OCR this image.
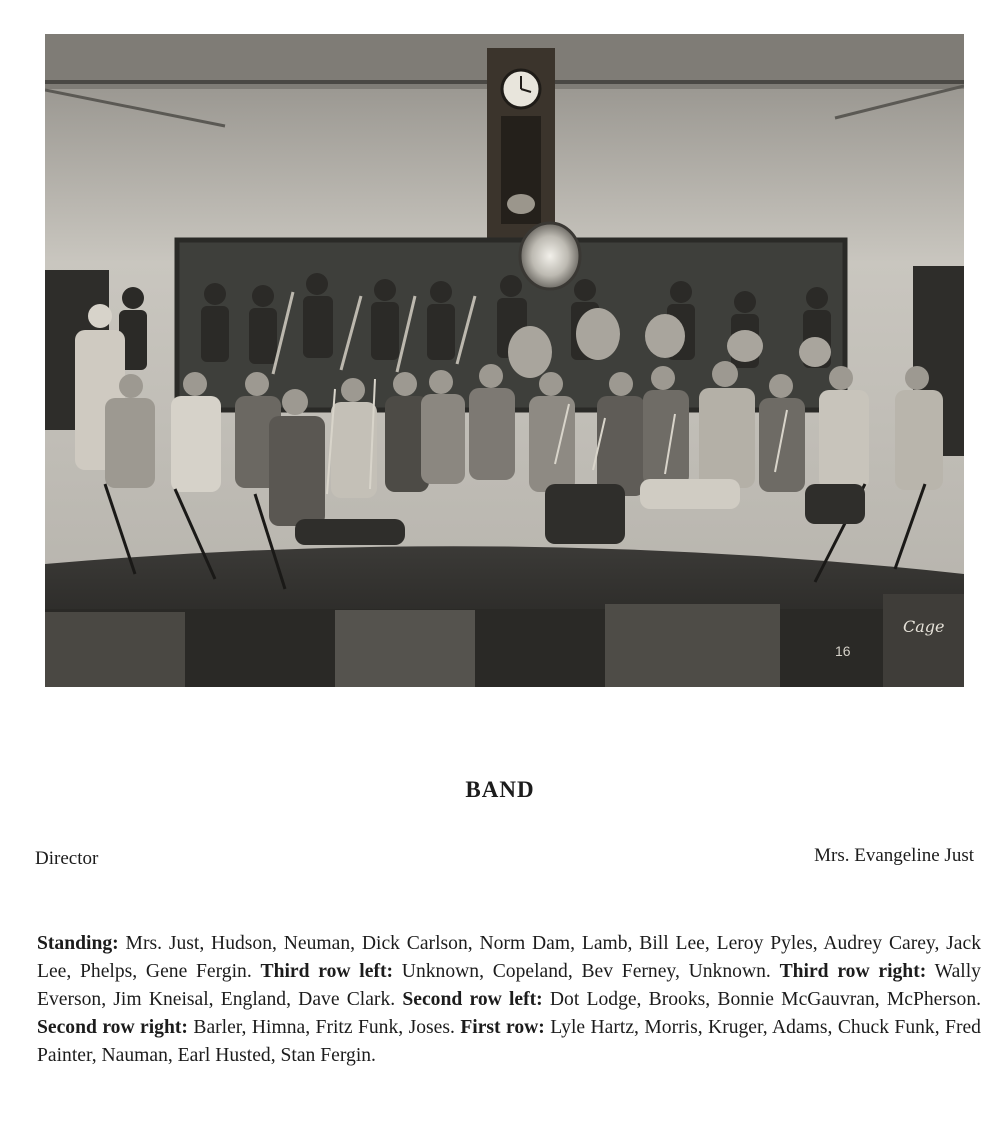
16
Cage
BAND
Director	Mrs. Evangeline Just
Standing: Mrs. Just, Hudson, Neuman, Dick Carlson, Norm Dam, Lamb, Bill Lee, Leroy Pyles, Audrey Carey, Jack Lee, Phelps, Gene Fergin. Third row left: Unknown, Copeland, Bev Ferney, Unknown. Third row right: Wally Everson, Jim Kneisal, England, Dave Clark. Second row left: Dot Lodge, Brooks, Bonnie McGauvran, McPherson. Second row right: Barler, Himna, Fritz Funk, Joses. First row: Lyle Hartz, Morris, Kruger, Adams, Chuck Funk, Fred Painter, Nauman, Earl Husted, Stan Fergin.
